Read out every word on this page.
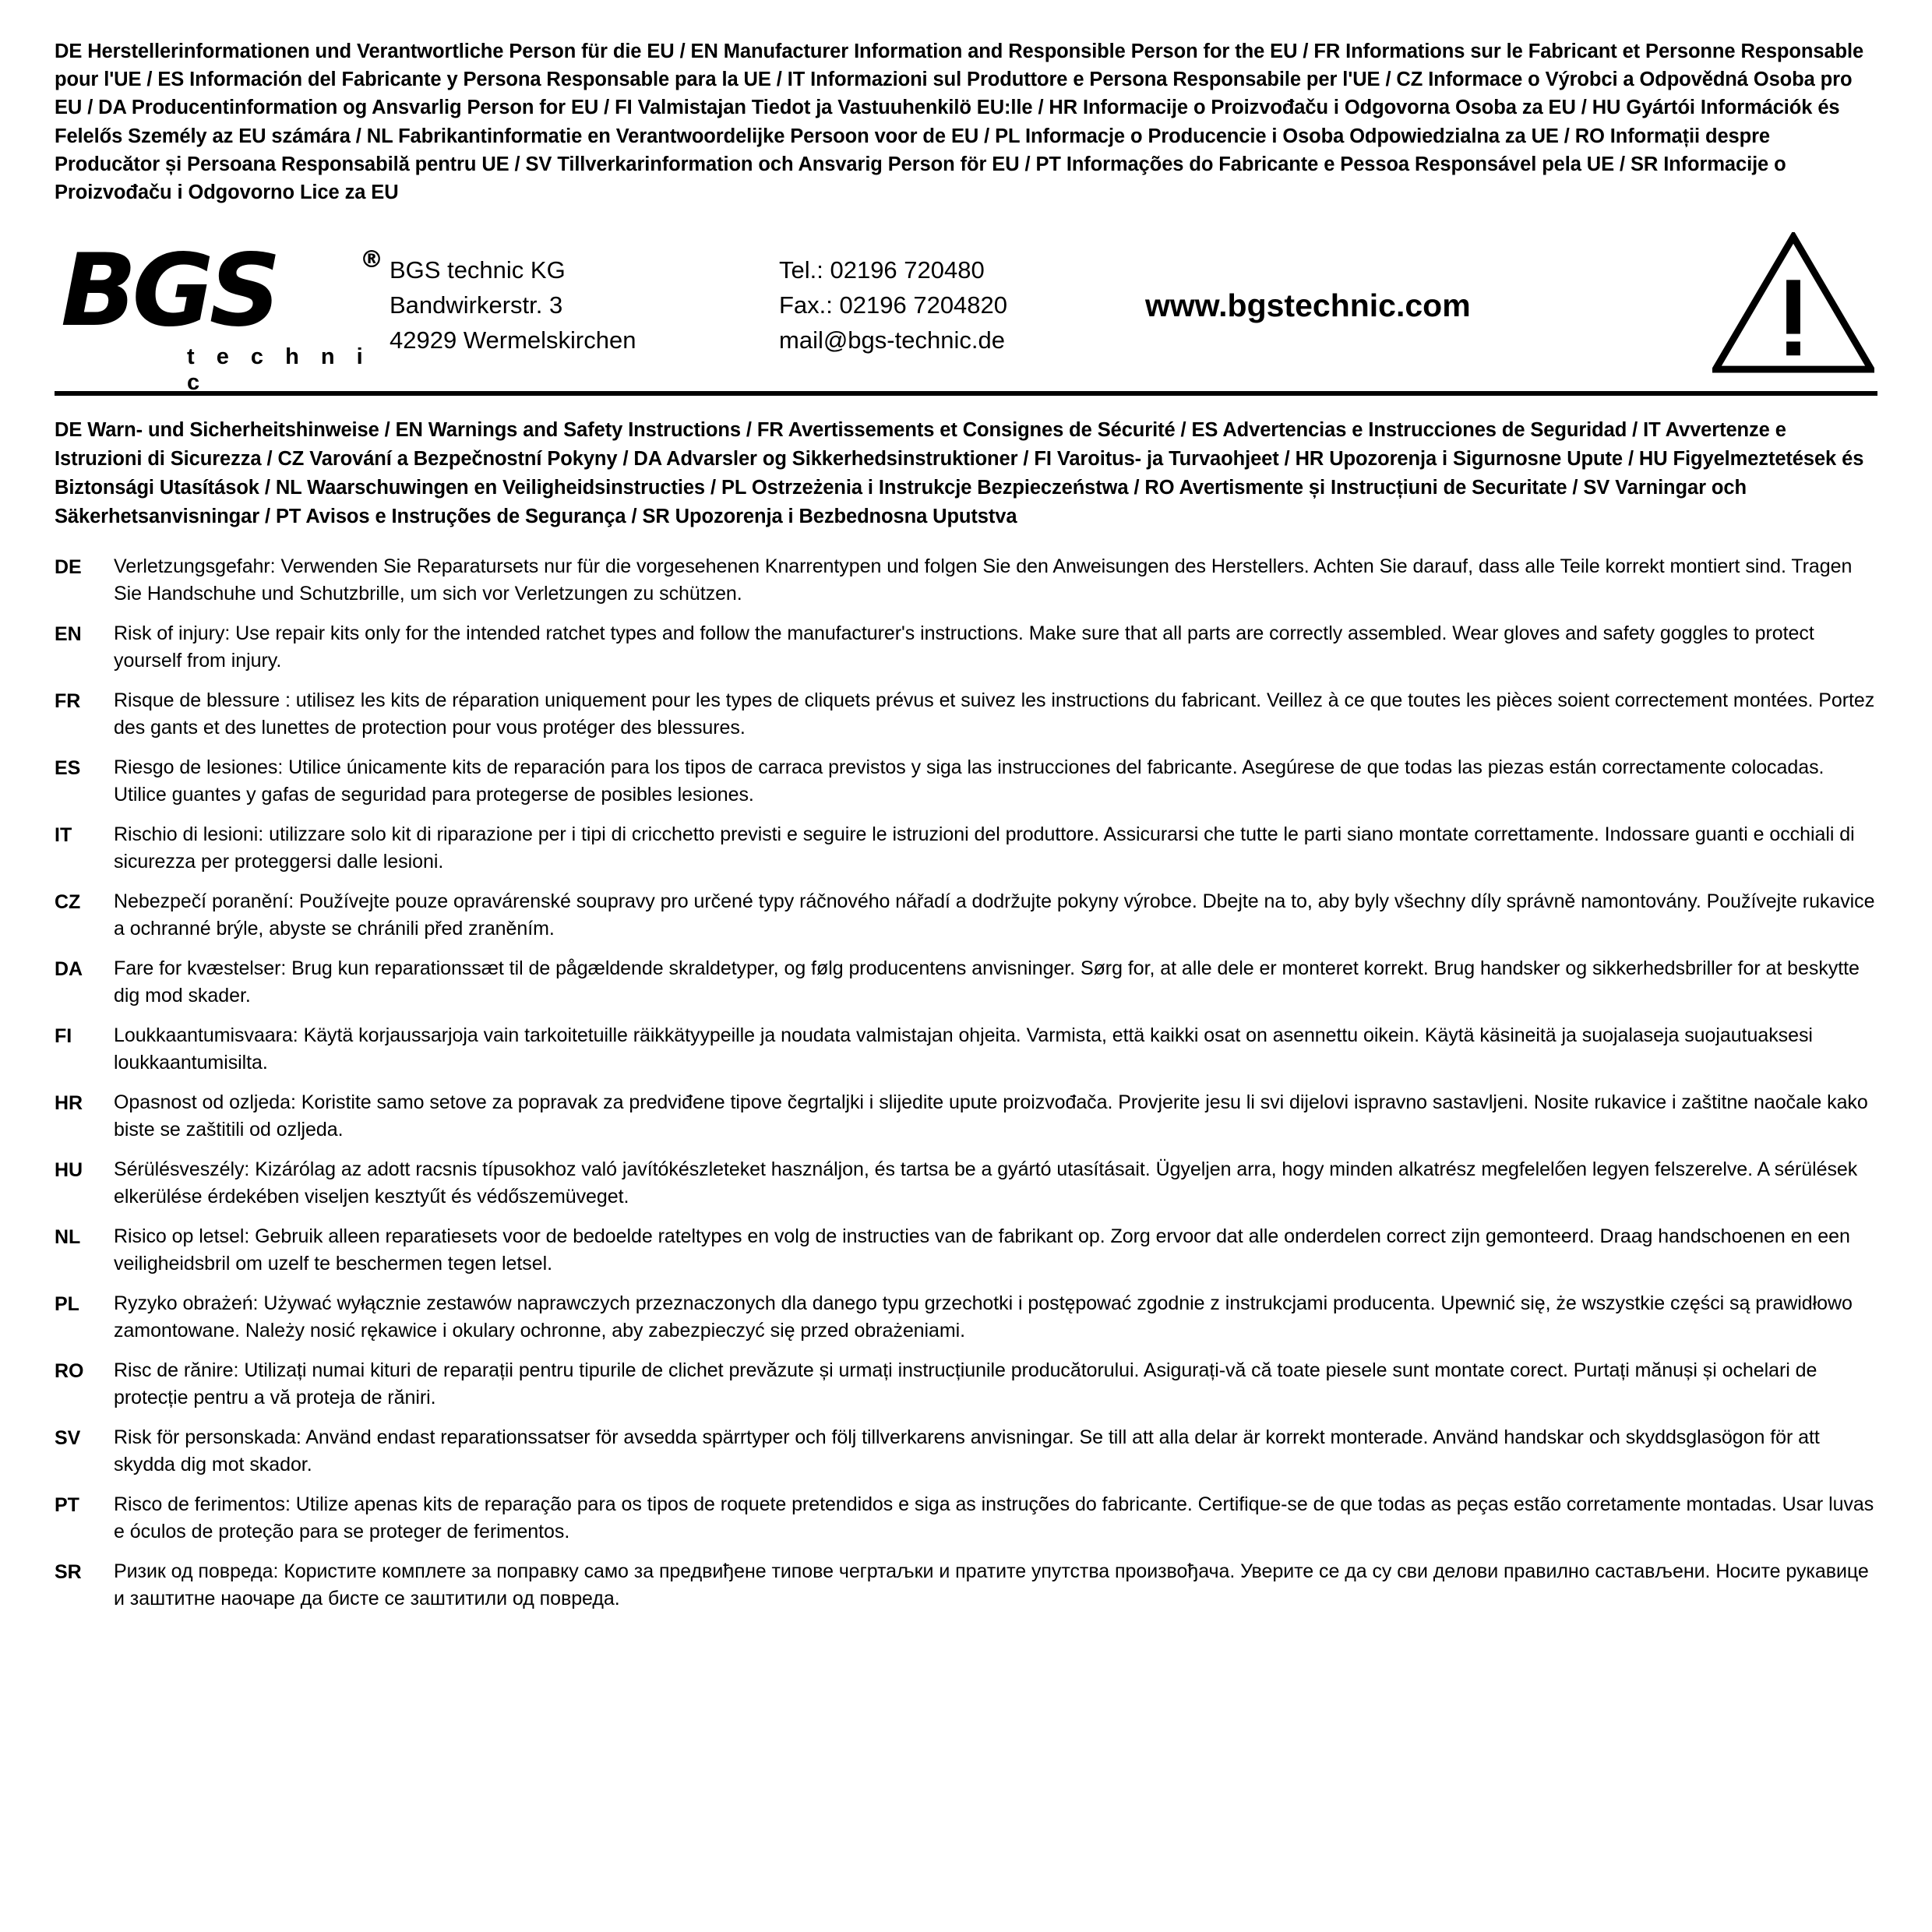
DE Herstellerinformationen und Verantwortliche Person für die EU / EN Manufacturer Information and Responsible Person for the EU / FR Informations sur le Fabricant et Personne Responsable pour l'UE / ES Información del Fabricante y Persona Responsable para la UE / IT Informazioni sul Produttore e Persona Responsabile per l'UE / CZ Informace o Výrobci a Odpovědná Osoba pro EU / DA Producentinformation og Ansvarlig Person for EU / FI Valmistajan Tiedot ja Vastuuhenkilö EU:lle / HR Informacije o Proizvođaču i Odgovorna Osoba za EU / HU Gyártói Információk és Felelős Személy az EU számára / NL Fabrikantinformatie en Verantwoordelijke Persoon voor de EU / PL Informacje o Producencie i Osoba Odpowiedzialna za UE / RO Informații despre Producător și Persoana Responsabilă pentru UE / SV Tillverkarinformation och Ansvarig Person för EU / PT Informações do Fabricante e Pessoa Responsável pela UE / SR Informacije o Proizvođaču i Odgovorno Lice za EU
BGS	®
t e c h n i c
BGS technic KG
Bandwirkerstr. 3
42929 Wermelskirchen
Tel.: 02196 720480
Fax.: 02196 7204820
mail@bgs-technic.de
www.bgstechnic.com
DE Warn- und Sicherheitshinweise / EN Warnings and Safety Instructions / FR Avertissements et Consignes de Sécurité / ES Advertencias e Instrucciones de Seguridad / IT Avvertenze e Istruzioni di Sicurezza / CZ Varování a Bezpečnostní Pokyny / DA Advarsler og Sikkerhedsinstruktioner / FI Varoitus- ja Turvaohjeet / HR Upozorenja i Sigurnosne Upute / HU Figyelmeztetések és Biztonsági Utasítások / NL Waarschuwingen en Veiligheidsinstructies / PL Ostrzeżenia i Instrukcje Bezpieczeństwa / RO Avertismente și Instrucțiuni de Securitate / SV Varningar och Säkerhetsanvisningar / PT Avisos e Instruções de Segurança / SR Upozorenja i Bezbednosna Uputstva
DE	Verletzungsgefahr: Verwenden Sie Reparatursets nur für die vorgesehenen Knarrentypen und folgen Sie den Anweisungen des Herstellers. Achten Sie darauf, dass alle Teile korrekt montiert sind. Tragen Sie Handschuhe und Schutzbrille, um sich vor Verletzungen zu schützen.
EN	Risk of injury: Use repair kits only for the intended ratchet types and follow the manufacturer's instructions. Make sure that all parts are correctly assembled. Wear gloves and safety goggles to protect yourself from injury.
FR	Risque de blessure : utilisez les kits de réparation uniquement pour les types de cliquets prévus et suivez les instructions du fabricant. Veillez à ce que toutes les pièces soient correctement montées. Portez des gants et des lunettes de protection pour vous protéger des blessures.
ES	Riesgo de lesiones: Utilice únicamente kits de reparación para los tipos de carraca previstos y siga las instrucciones del fabricante. Asegúrese de que todas las piezas están correctamente colocadas. Utilice guantes y gafas de seguridad para protegerse de posibles lesiones.
IT	Rischio di lesioni: utilizzare solo kit di riparazione per i tipi di cricchetto previsti e seguire le istruzioni del produttore. Assicurarsi che tutte le parti siano montate correttamente. Indossare guanti e occhiali di sicurezza per proteggersi dalle lesioni.
CZ	Nebezpečí poranění: Používejte pouze opravárenské soupravy pro určené typy ráčnového nářadí a dodržujte pokyny výrobce. Dbejte na to, aby byly všechny díly správně namontovány. Používejte rukavice a ochranné brýle, abyste se chránili před zraněním.
DA	Fare for kvæstelser: Brug kun reparationssæt til de pågældende skraldetyper, og følg producentens anvisninger. Sørg for, at alle dele er monteret korrekt. Brug handsker og sikkerhedsbriller for at beskytte dig mod skader.
FI	Loukkaantumisvaara: Käytä korjaussarjoja vain tarkoitetuille räikkätyypeille ja noudata valmistajan ohjeita. Varmista, että kaikki osat on asennettu oikein. Käytä käsineitä ja suojalaseja suojautuaksesi loukkaantumisilta.
HR	Opasnost od ozljeda: Koristite samo setove za popravak za predviđene tipove čegrtaljki i slijedite upute proizvođača. Provjerite jesu li svi dijelovi ispravno sastavljeni. Nosite rukavice i zaštitne naočale kako biste se zaštitili od ozljeda.
HU	Sérülésveszély: Kizárólag az adott racsnis típusokhoz való javítókészleteket használjon, és tartsa be a gyártó utasításait. Ügyeljen arra, hogy minden alkatrész megfelelően legyen felszerelve. A sérülések elkerülése érdekében viseljen kesztyűt és védőszemüveget.
NL	Risico op letsel: Gebruik alleen reparatiesets voor de bedoelde rateltypes en volg de instructies van de fabrikant op. Zorg ervoor dat alle onderdelen correct zijn gemonteerd. Draag handschoenen en een veiligheidsbril om uzelf te beschermen tegen letsel.
PL	Ryzyko obrażeń: Używać wyłącznie zestawów naprawczych przeznaczonych dla danego typu grzechotki i postępować zgodnie z instrukcjami producenta. Upewnić się, że wszystkie części są prawidłowo zamontowane. Należy nosić rękawice i okulary ochronne, aby zabezpieczyć się przed obrażeniami.
RO	Risc de rănire: Utilizați numai kituri de reparații pentru tipurile de clichet prevăzute și urmați instrucțiunile producătorului. Asigurați-vă că toate piesele sunt montate corect. Purtați mănuși și ochelari de protecție pentru a vă proteja de răniri.
SV	Risk för personskada: Använd endast reparationssatser för avsedda spärrtyper och följ tillverkarens anvisningar. Se till att alla delar är korrekt monterade. Använd handskar och skyddsglasögon för att skydda dig mot skador.
PT	Risco de ferimentos: Utilize apenas kits de reparação para os tipos de roquete pretendidos e siga as instruções do fabricante. Certifique-se de que todas as peças estão corretamente montadas. Usar luvas e óculos de proteção para se proteger de ferimentos.
SR	Ризик од повреда: Користите комплете за поправку само за предвиђене типове чегртаљки и пратите упутства произвођача. Уверите се да су сви делови правилно састављени. Носите рукавице и заштитне наочаре да бисте се заштитили од повреда.
